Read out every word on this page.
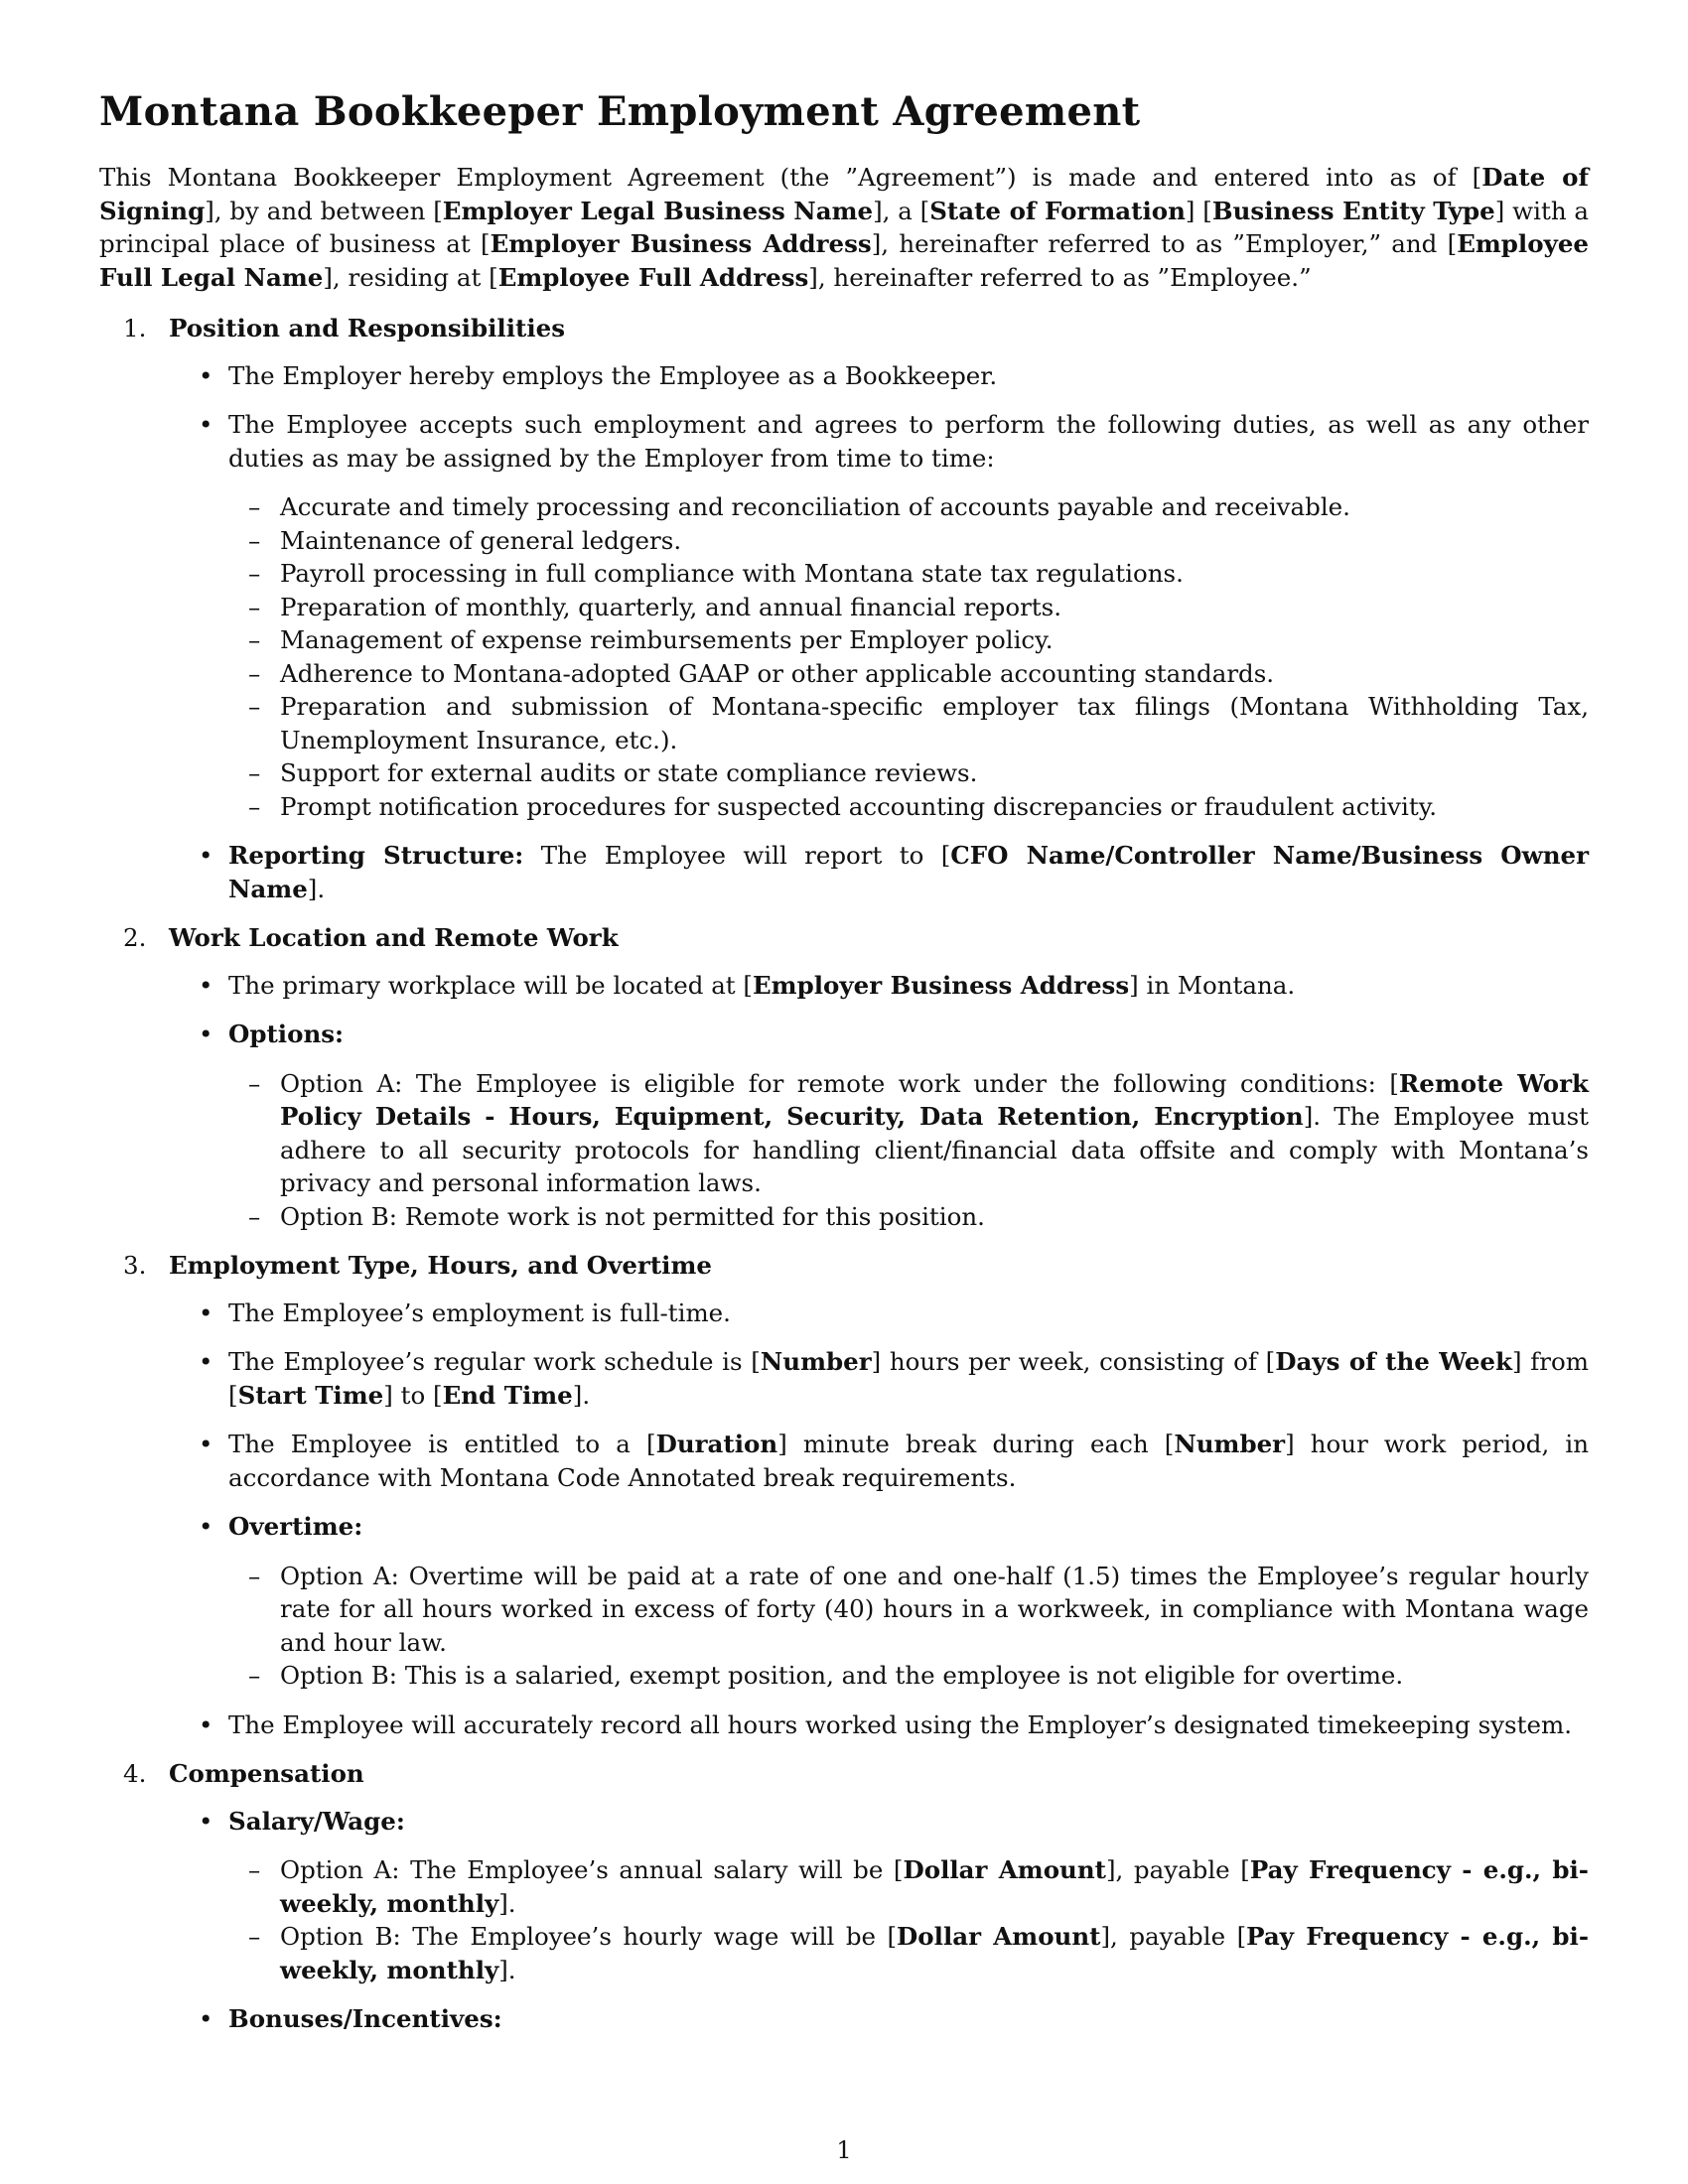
Montana Bookkeeper Employment Agreement

This Montana Bookkeeper Employment Agreement (the ”Agreement”) is made and entered into as of [Date of Signing], by and between [Employer Legal Business Name], a [State of Formation] [Business Entity Type] with a principal place of business at [Employer Business Address], hereinafter referred to as ”Employer,” and [Employee Full Legal Name], residing at [Employee Full Address], hereinafter referred to as ”Employee.”

1. Position and Responsibilities
• The Employer hereby employs the Employee as a Bookkeeper.
• The Employee accepts such employment and agrees to perform the following duties, as well as any other duties as may be assigned by the Employer from time to time:
– Accurate and timely processing and reconciliation of accounts payable and receivable.
– Maintenance of general ledgers.
– Payroll processing in full compliance with Montana state tax regulations.
– Preparation of monthly, quarterly, and annual financial reports.
– Management of expense reimbursements per Employer policy.
– Adherence to Montana-adopted GAAP or other applicable accounting standards.
– Preparation and submission of Montana-specific employer tax filings (Montana Withholding Tax, Unemployment Insurance, etc.).
– Support for external audits or state compliance reviews.
– Prompt notification procedures for suspected accounting discrepancies or fraudulent activity.
• Reporting Structure: The Employee will report to [CFO Name/Controller Name/Business Owner Name].
2. Work Location and Remote Work
• The primary workplace will be located at [Employer Business Address] in Montana.
• Options:
– Option A: The Employee is eligible for remote work under the following conditions: [Remote Work Policy Details - Hours, Equipment, Security, Data Retention, Encryption]. The Employee must adhere to all security protocols for handling client/financial data offsite and comply with Montana’s privacy and personal information laws.
– Option B: Remote work is not permitted for this position.
3. Employment Type, Hours, and Overtime
• The Employee’s employment is full-time.
• The Employee’s regular work schedule is [Number] hours per week, consisting of [Days of the Week] from [Start Time] to [End Time].
• The Employee is entitled to a [Duration] minute break during each [Number] hour work period, in accordance with Montana Code Annotated break requirements.
• Overtime:
– Option A: Overtime will be paid at a rate of one and one-half (1.5) times the Employee’s regular hourly rate for all hours worked in excess of forty (40) hours in a workweek, in compliance with Montana wage and hour law.
– Option B: This is a salaried, exempt position, and the employee is not eligible for overtime.
• The Employee will accurately record all hours worked using the Employer’s designated timekeeping system.
4. Compensation
• Salary/Wage:
– Option A: The Employee’s annual salary will be [Dollar Amount], payable [Pay Frequency - e.g., bi-weekly, monthly].
– Option B: The Employee’s hourly wage will be [Dollar Amount], payable [Pay Frequency - e.g., bi-weekly, monthly].
• Bonuses/Incentives:
1
